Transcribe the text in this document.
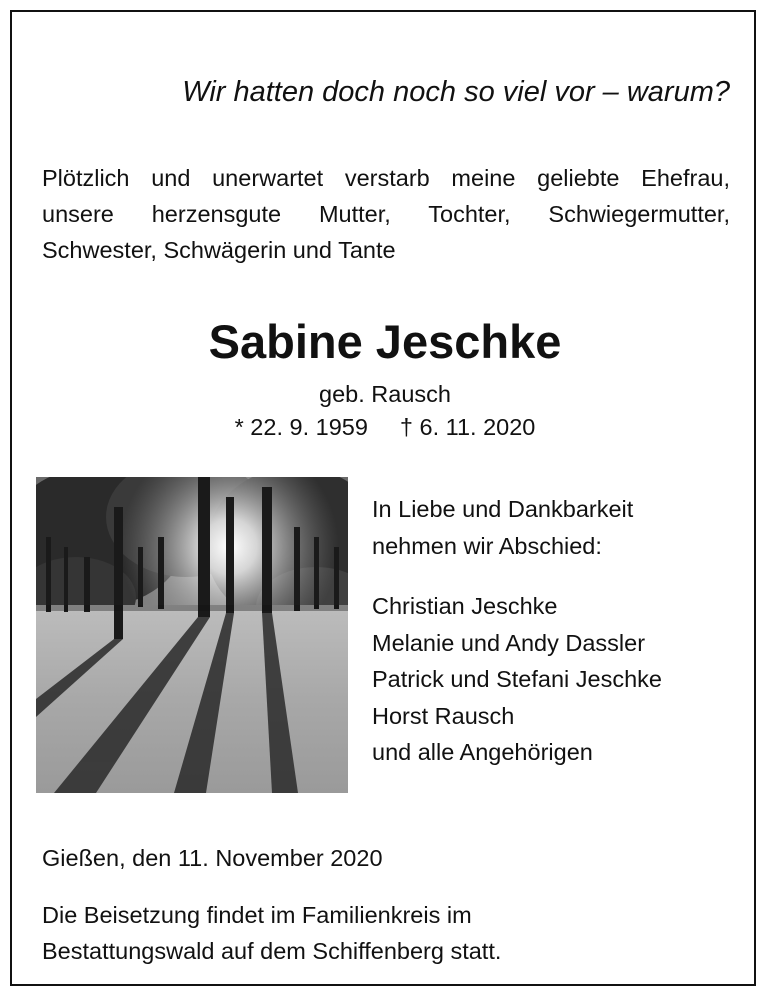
Wir hatten doch noch so viel vor – warum?
Plötzlich und unerwartet verstarb meine geliebte Ehefrau,
unsere herzensgute Mutter, Tochter, Schwiegermutter,
Schwester, Schwägerin und Tante
Sabine Jeschke
geb. Rausch
* 22. 9. 1959 † 6. 11. 2020
In Liebe und Dankbarkeit
nehmen wir Abschied:
Christian Jeschke
Melanie und Andy Dassler
Patrick und Stefani Jeschke
Horst Rausch
und alle Angehörigen
Gießen, den 11. November 2020
Die Beisetzung findet im Familienkreis im
Bestattungswald auf dem Schiffenberg statt.
